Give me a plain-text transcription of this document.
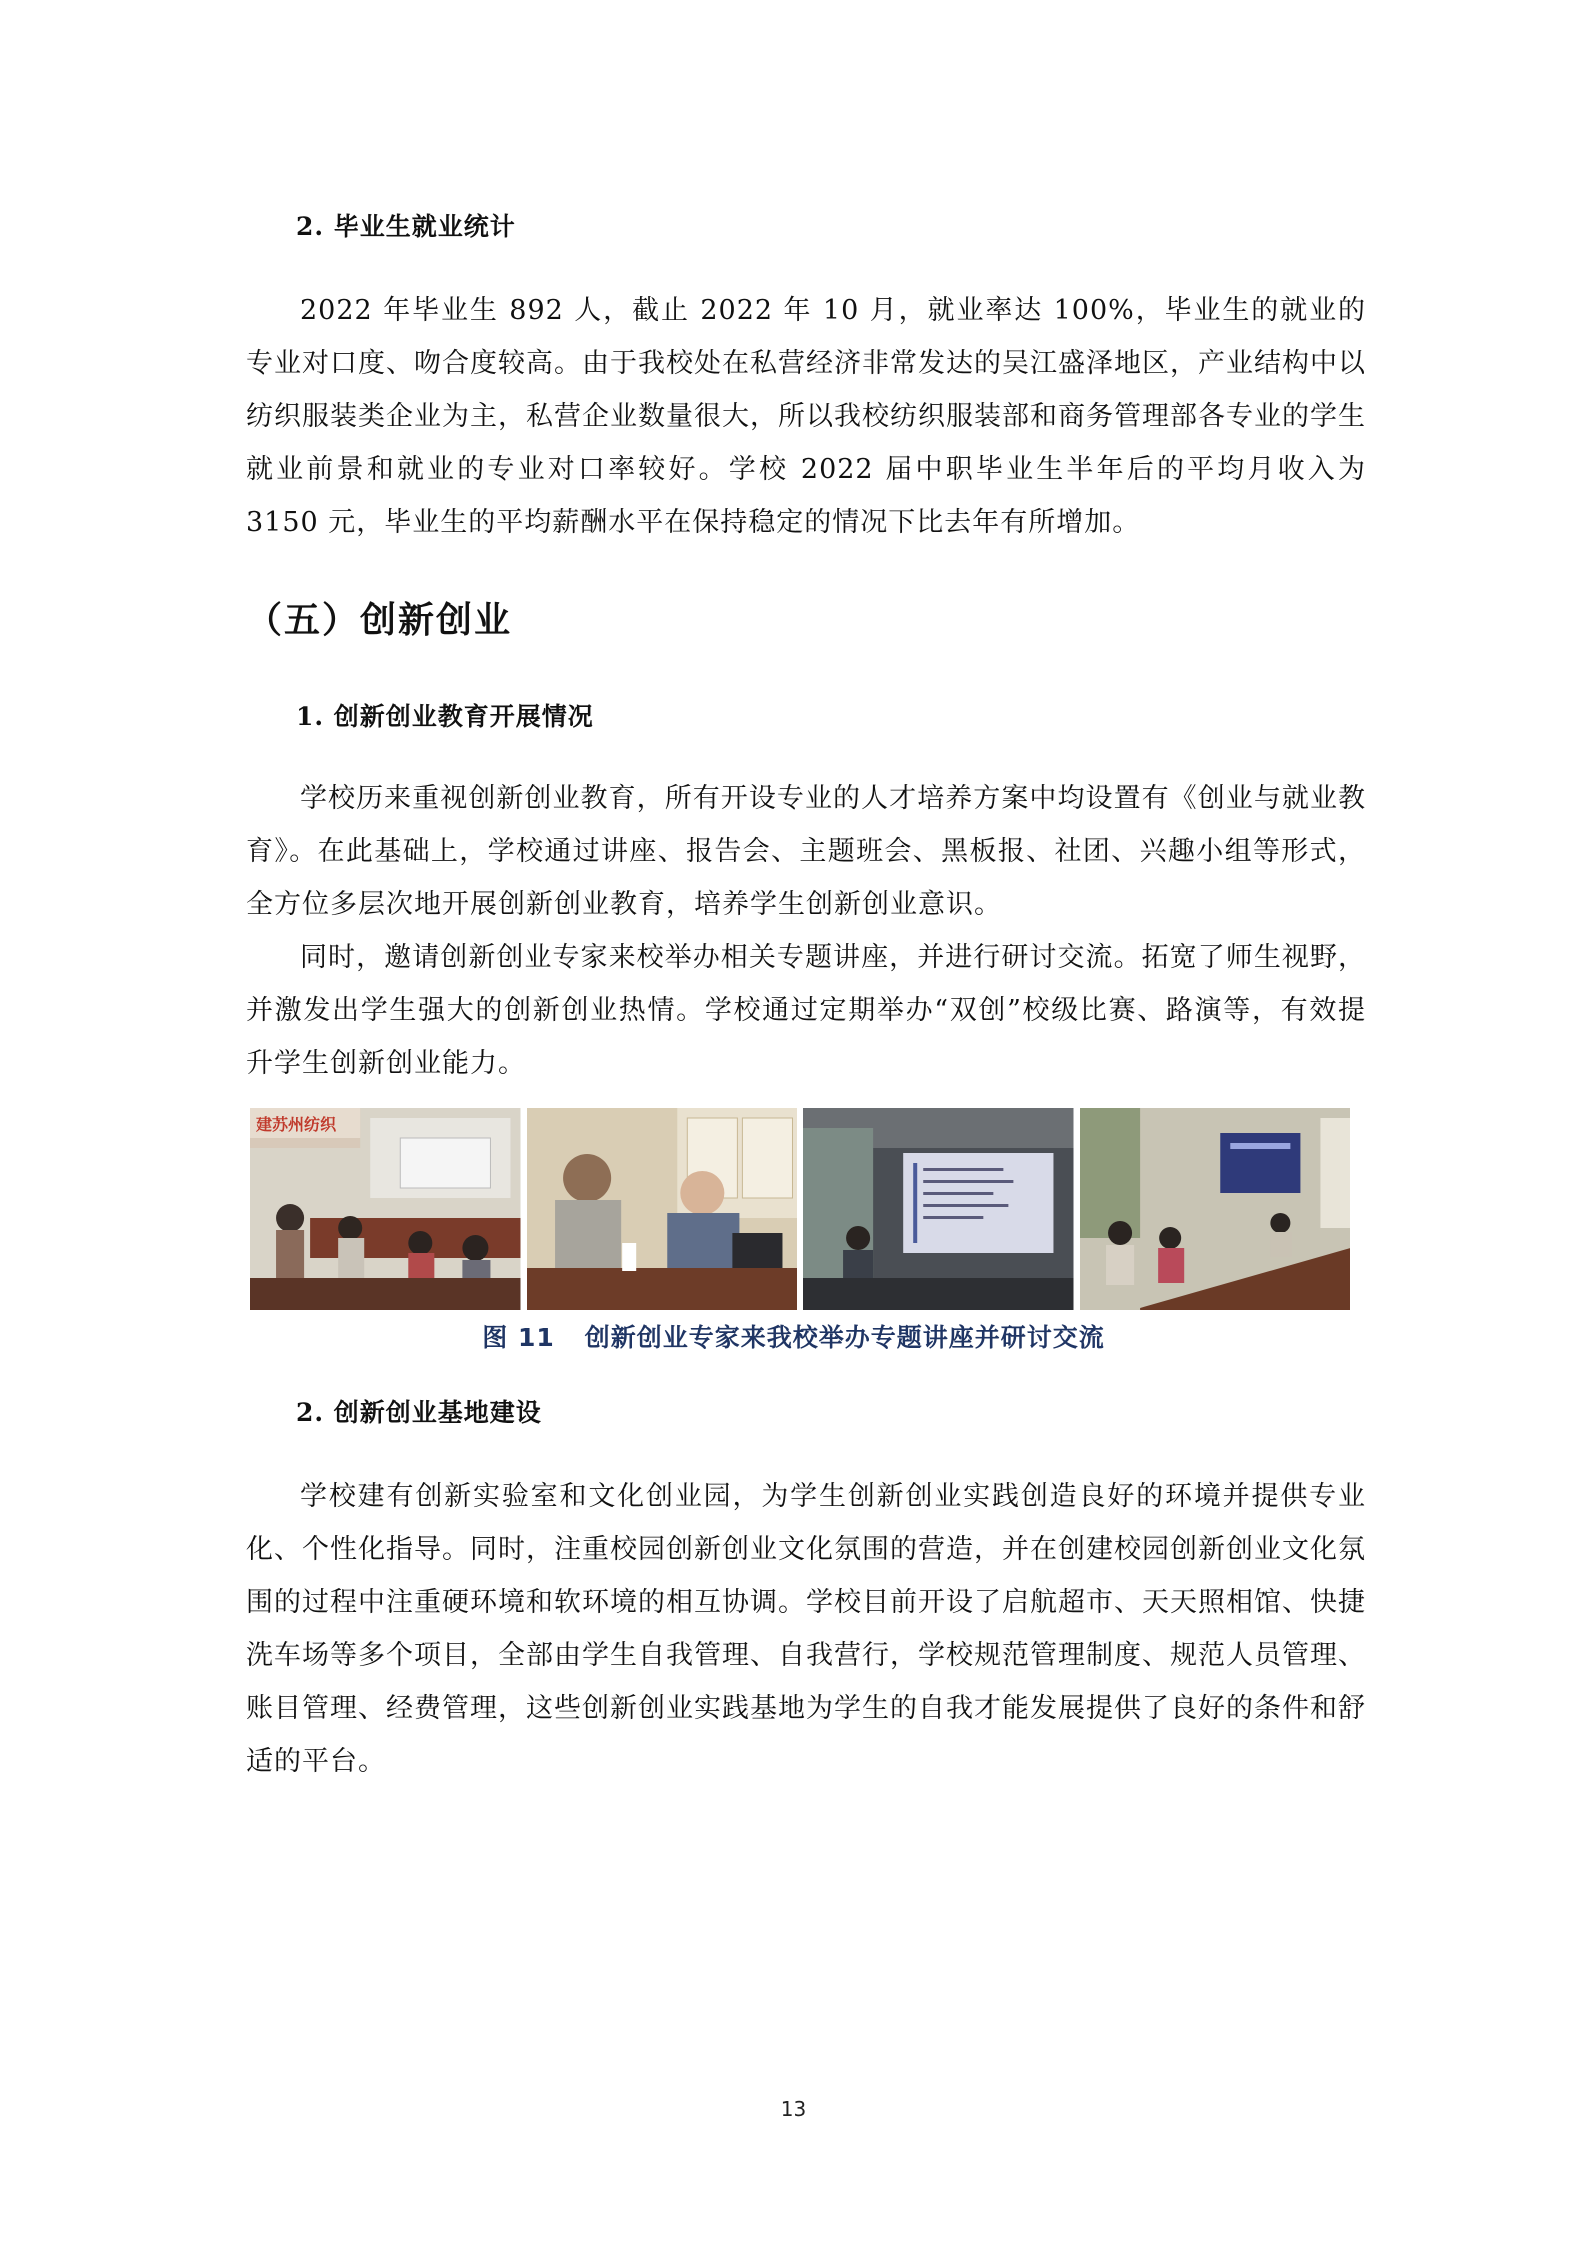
2. 毕业生就业统计

2022 年毕业生 892 人，截止 2022 年 10 月，就业率达 100%，毕业生的就业的专业对口度、吻合度较高。由于我校处在私营经济非常发达的吴江盛泽地区，产业结构中以纺织服装类企业为主，私营企业数量很大，所以我校纺织服装部和商务管理部各专业的学生就业前景和就业的专业对口率较好。学校 2022 届中职毕业生半年后的平均月收入为 3150 元，毕业生的平均薪酬水平在保持稳定的情况下比去年有所增加。

（五）创新创业
1. 创新创业教育开展情况

学校历来重视创新创业教育，所有开设专业的人才培养方案中均设置有《创业与就业教育》。在此基础上，学校通过讲座、报告会、主题班会、黑板报、社团、兴趣小组等形式，全方位多层次地开展创新创业教育，培养学生创新创业意识。

同时，邀请创新创业专家来校举办相关专题讲座，并进行研讨交流。拓宽了师生视野，并激发出学生强大的创新创业热情。学校通过定期举办“双创”校级比赛、路演等，有效提升学生创新创业能力。

建苏州纺织
图 11 创新创业专家来我校举办专题讲座并研讨交流
2. 创新创业基地建设

学校建有创新实验室和文化创业园，为学生创新创业实践创造良好的环境并提供专业化、个性化指导。同时，注重校园创新创业文化氛围的营造，并在创建校园创新创业文化氛围的过程中注重硬环境和软环境的相互协调。学校目前开设了启航超市、天天照相馆、快捷洗车场等多个项目，全部由学生自我管理、自我营行，学校规范管理制度、规范人员管理、账目管理、经费管理，这些创新创业实践基地为学生的自我才能发展提供了良好的条件和舒适的平台。

13
